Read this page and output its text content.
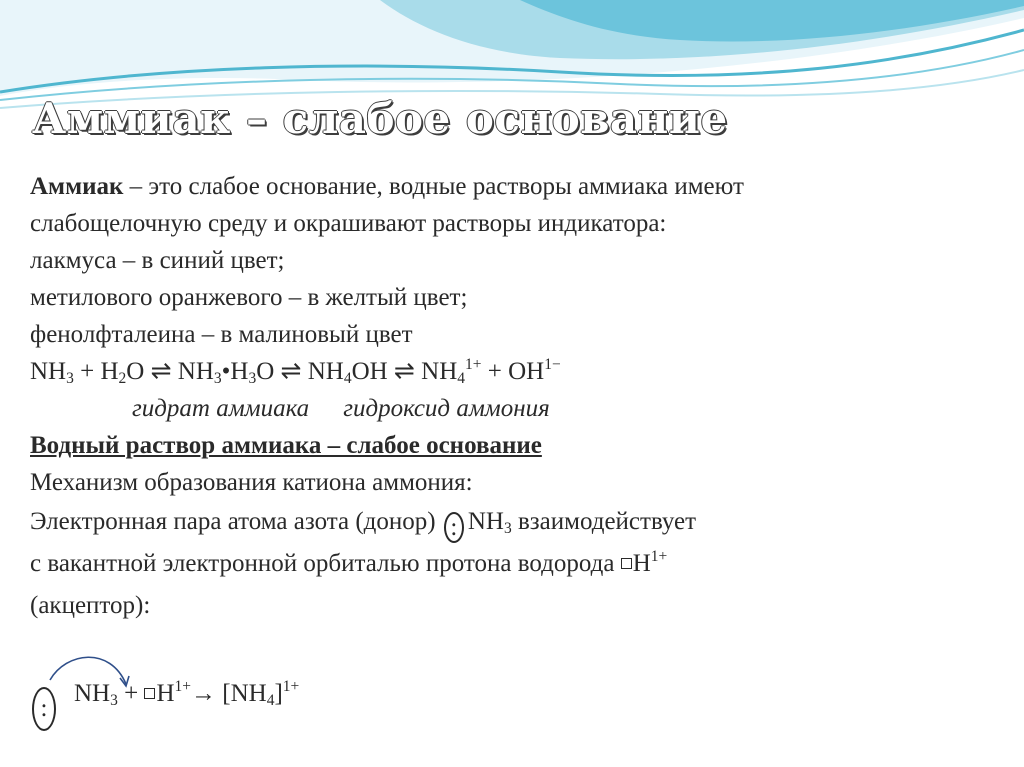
Аммиак – слабое основание
Аммиак – это слабое основание, водные растворы аммиака имеют
слабощелочную среду и окрашивают растворы индикатора:
лакмуса – в синий цвет;
метилового оранжевого – в желтый цвет;
фенолфталеина – в малиновый цвет
$NH_3 + H_2O$ ⇌ $NH_3•H_3O$ ⇌ $NH_4OH$ ⇌ $NH_4^{1+} + OH^{1-}$
гидрат аммиака гидроксид аммония
Водный раствор аммиака – слабое основание
Механизм образования катиона аммония:
Электронная пара атома азота (донор) : $NH_3$ взаимодействует
с вакантной электронной орбиталью протона водорода $H^{1+}$
(акцептор):
$:NH_3 + H^{1+}\to [NH_4]^{1+}$
